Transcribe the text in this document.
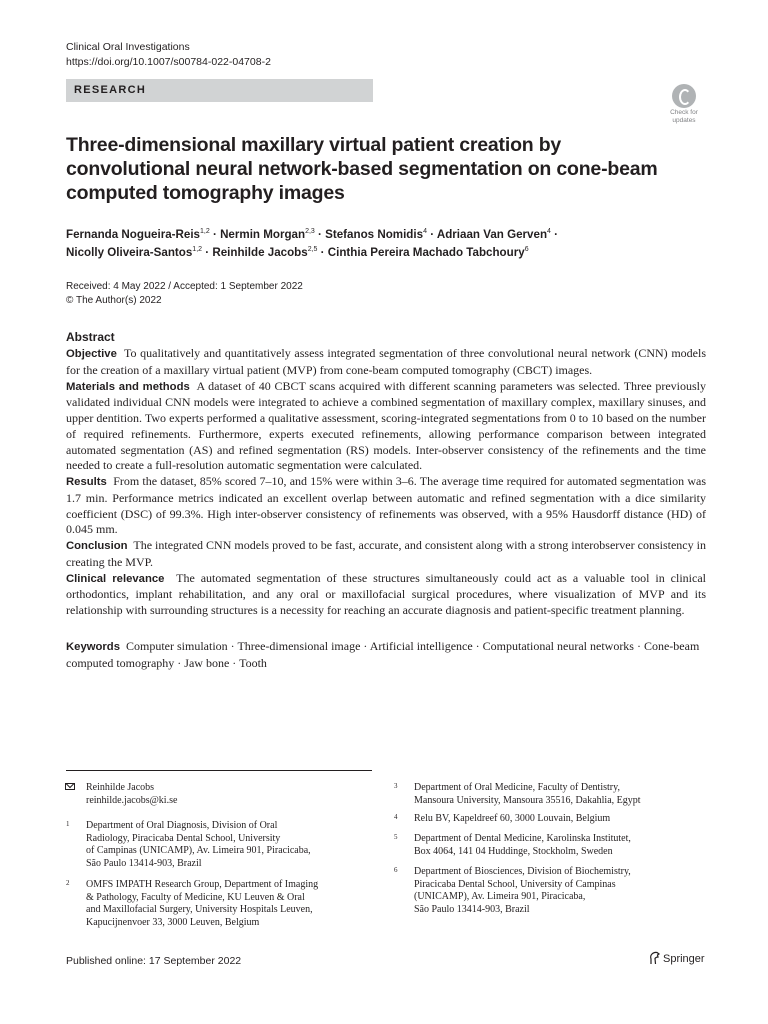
Clinical Oral Investigations
https://doi.org/10.1007/s00784-022-04708-2
RESEARCH
Check for
updates
Three-dimensional maxillary virtual patient creation by convolutional neural network-based segmentation on cone-beam computed tomography images
Fernanda Nogueira-Reis$^{1,2}$ · Nermin Morgan$^{2,3}$ · Stefanos Nomidis$^4$ · Adriaan Van Gerven$^4$ ·
Nicolly Oliveira-Santos$^{1,2}$ · Reinhilde Jacobs$^{2,5}$ · Cinthia Pereira Machado Tabchoury$^6$
Received: 4 May 2022 / Accepted: 1 September 2022
© The Author(s) 2022
Abstract

Objective To qualitatively and quantitatively assess integrated segmentation of three convolutional neural network (CNN) models for the creation of a maxillary virtual patient (MVP) from cone-beam computed tomography (CBCT) images.

Materials and methods A dataset of 40 CBCT scans acquired with different scanning parameters was selected. Three previously validated individual CNN models were integrated to achieve a combined segmentation of maxillary complex, maxillary sinuses, and upper dentition. Two experts performed a qualitative assessment, scoring-integrated segmentations from 0 to 10 based on the number of required refinements. Furthermore, experts executed refinements, allowing performance comparison between integrated automated segmentation (AS) and refined segmentation (RS) models. Inter-observer consistency of the refinements and the time needed to create a full-resolution automatic segmentation were calculated.

Results From the dataset, 85% scored 7–10, and 15% were within 3–6. The average time required for automated segmentation was 1.7 min. Performance metrics indicated an excellent overlap between automatic and refined segmentation with a dice similarity coefficient (DSC) of 99.3%. High inter-observer consistency of refinements was observed, with a 95% Hausdorff distance (HD) of 0.045 mm.

Conclusion The integrated CNN models proved to be fast, accurate, and consistent along with a strong interobserver consistency in creating the MVP.

Clinical relevance The automated segmentation of these structures simultaneously could act as a valuable tool in clinical orthodontics, implant rehabilitation, and any oral or maxillofacial surgical procedures, where visualization of MVP and its relationship with surrounding structures is a necessity for reaching an accurate diagnosis and patient-specific treatment planning.

Keywords Computer simulation · Three-dimensional image · Artificial intelligence · Computational neural networks · Cone-beam computed tomography · Jaw bone · Tooth
Reinhilde Jacobs
reinhilde.jacobs@ki.se
1 Department of Oral Diagnosis, Division of Oral
Radiology, Piracicaba Dental School, University
of Campinas (UNICAMP), Av. Limeira 901, Piracicaba,
São Paulo 13414-903, Brazil
2 OMFS IMPATH Research Group, Department of Imaging
& Pathology, Faculty of Medicine, KU Leuven & Oral
and Maxillofacial Surgery, University Hospitals Leuven,
Kapucijnenvoer 33, 3000 Leuven, Belgium
3 Department of Oral Medicine, Faculty of Dentistry,
Mansoura University, Mansoura 35516, Dakahlia, Egypt
4 Relu BV, Kapeldreef 60, 3000 Louvain, Belgium
5 Department of Dental Medicine, Karolinska Institutet,
Box 4064, 141 04 Huddinge, Stockholm, Sweden
6 Department of Biosciences, Division of Biochemistry,
Piracicaba Dental School, University of Campinas
(UNICAMP), Av. Limeira 901, Piracicaba,
São Paulo 13414-903, Brazil
Published online: 17 September 2022	Springer
